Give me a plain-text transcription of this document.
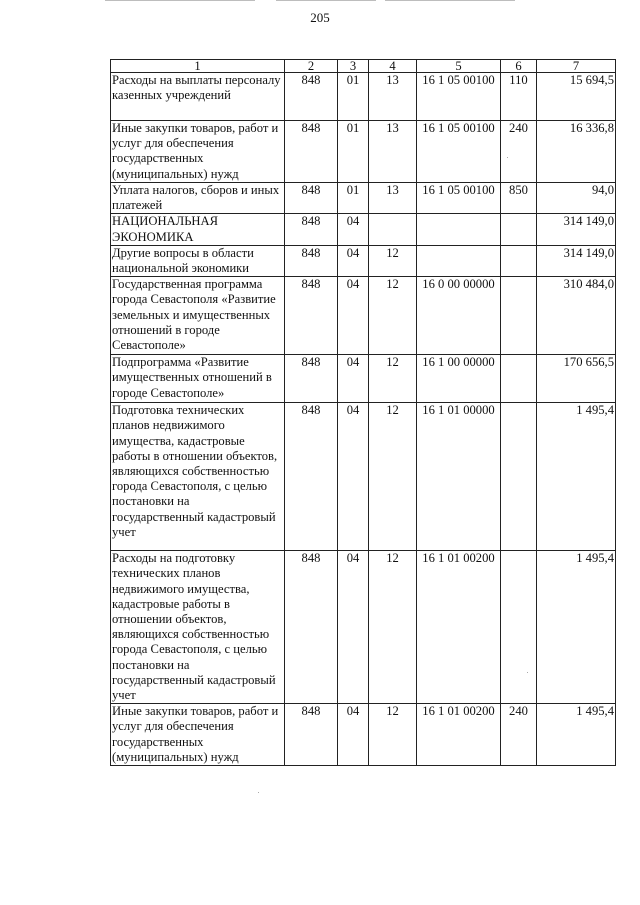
205
1	2	3	4	5	6	7
Расходы на выплаты персоналу казенных учреждений	848	01	13	16 1 05 00100	110	15 694,5
Иные закупки товаров, работ и услуг для обеспечения государственных (муниципальных) нужд	848	01	13	16 1 05 00100	240	16 336,8
Уплата налогов, сборов и иных платежей	848	01	13	16 1 05 00100	850	94,0
НАЦИОНАЛЬНАЯ ЭКОНОМИКА	848	04				314 149,0
Другие вопросы в области национальной экономики	848	04	12			314 149,0
Государственная программа города Севастополя «Развитие земельных и имущественных отношений в городе Севастополе»	848	04	12	16 0 00 00000		310 484,0
Подпрограмма «Развитие имущественных отношений в городе Севастополе»	848	04	12	16 1 00 00000		170 656,5
Подготовка технических планов недвижимого имущества, кадастровые работы в отношении объектов, являющихся собственностью города Севастополя, с целью постановки на государственный кадастровый учет	848	04	12	16 1 01 00000		1 495,4
Расходы на подготовку технических планов недвижимого имущества, кадастровые работы в отношении объектов, являющихся собственностью города Севастополя, с целью постановки на государственный кадастровый учет	848	04	12	16 1 01 00200		1 495,4
Иные закупки товаров, работ и услуг для обеспечения государственных (муниципальных) нужд	848	04	12	16 1 01 00200	240	1 495,4
